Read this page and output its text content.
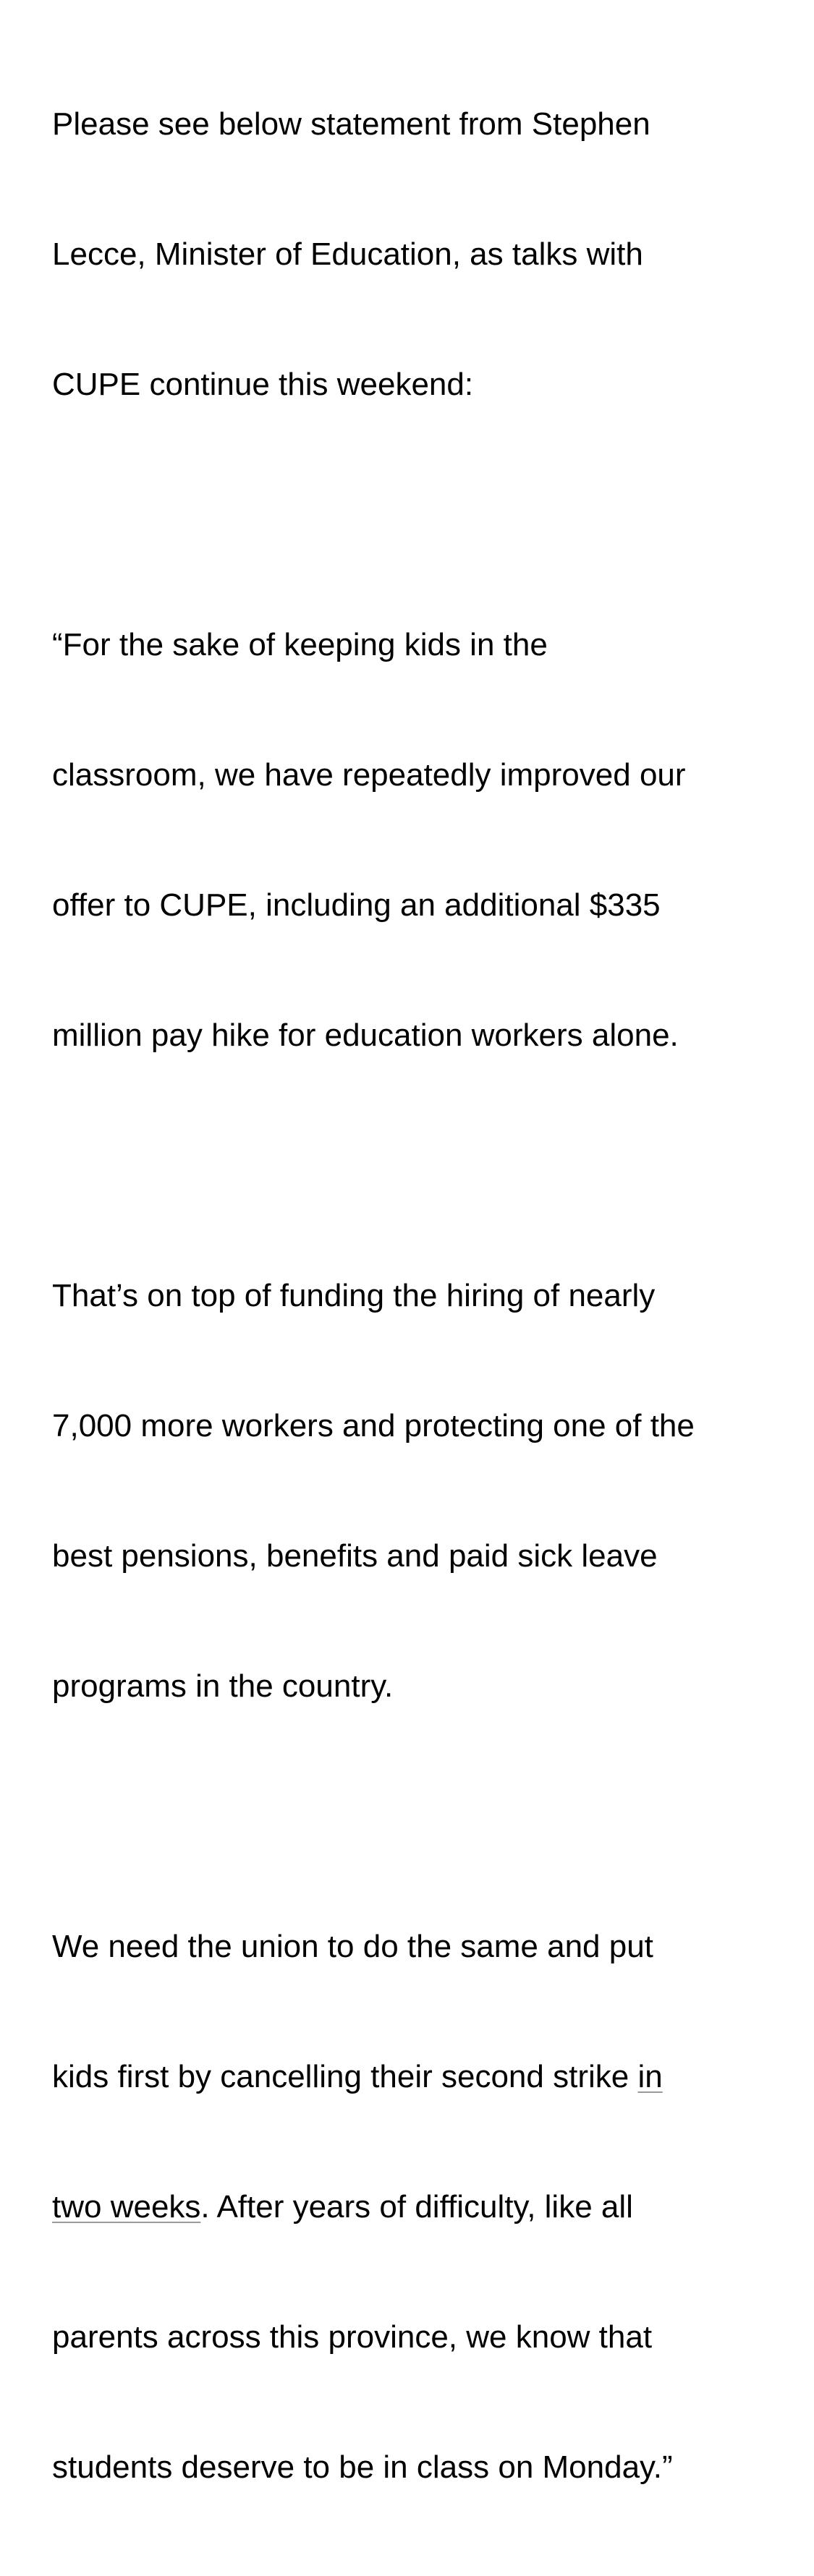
Please see below statement from Stephen

Lecce, Minister of Education, as talks with

CUPE continue this weekend:

“For the sake of keeping kids in the

classroom, we have repeatedly improved our

offer to CUPE, including an additional $335

million pay hike for education workers alone.

That’s on top of funding the hiring of nearly

7,000 more workers and protecting one of the

best pensions, benefits and paid sick leave

programs in the country.

We need the union to do the same and put

kids first by cancelling their second strike in

two weeks. After years of difficulty, like all

parents across this province, we know that

students deserve to be in class on Monday.”
